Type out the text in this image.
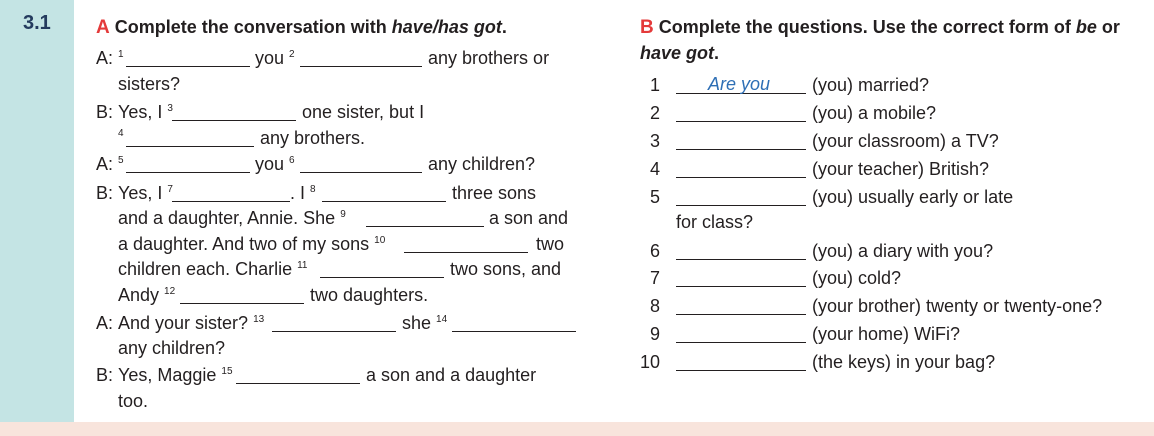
3.1 A Complete the conversation with have/has got.
A: $^1$	you $^2$	any brothers or
sisters?
B: Yes, I $^3$	one sister, but I
$^4$	any brothers.
A: $^5$	you $^6$	any children?
B: Yes, I $^7$	. I $^8$	three sons
and a daughter, Annie. She $^9$	a son and
a daughter. And two of my sons $^{10}$	two
children each. Charlie $^{11}$	two sons, and
Andy $^{12}$	two daughters.
A: And your sister? $^{13}$	she $^{14}$
any children?
B: Yes, Maggie $^{15}$	a son and a daughter
too.
B Complete the questions. Use the correct form of be or
have got.
1	Are you (you) married?
2	(you) a mobile?
3	(your classroom) a TV?
4	(your teacher) British?
5	(you) usually early or late
for class?
6	(you) a diary with you?
7	(you) cold?
8	(your brother) twenty or twenty-one?
9	(your home) WiFi?
10	(the keys) in your bag?
